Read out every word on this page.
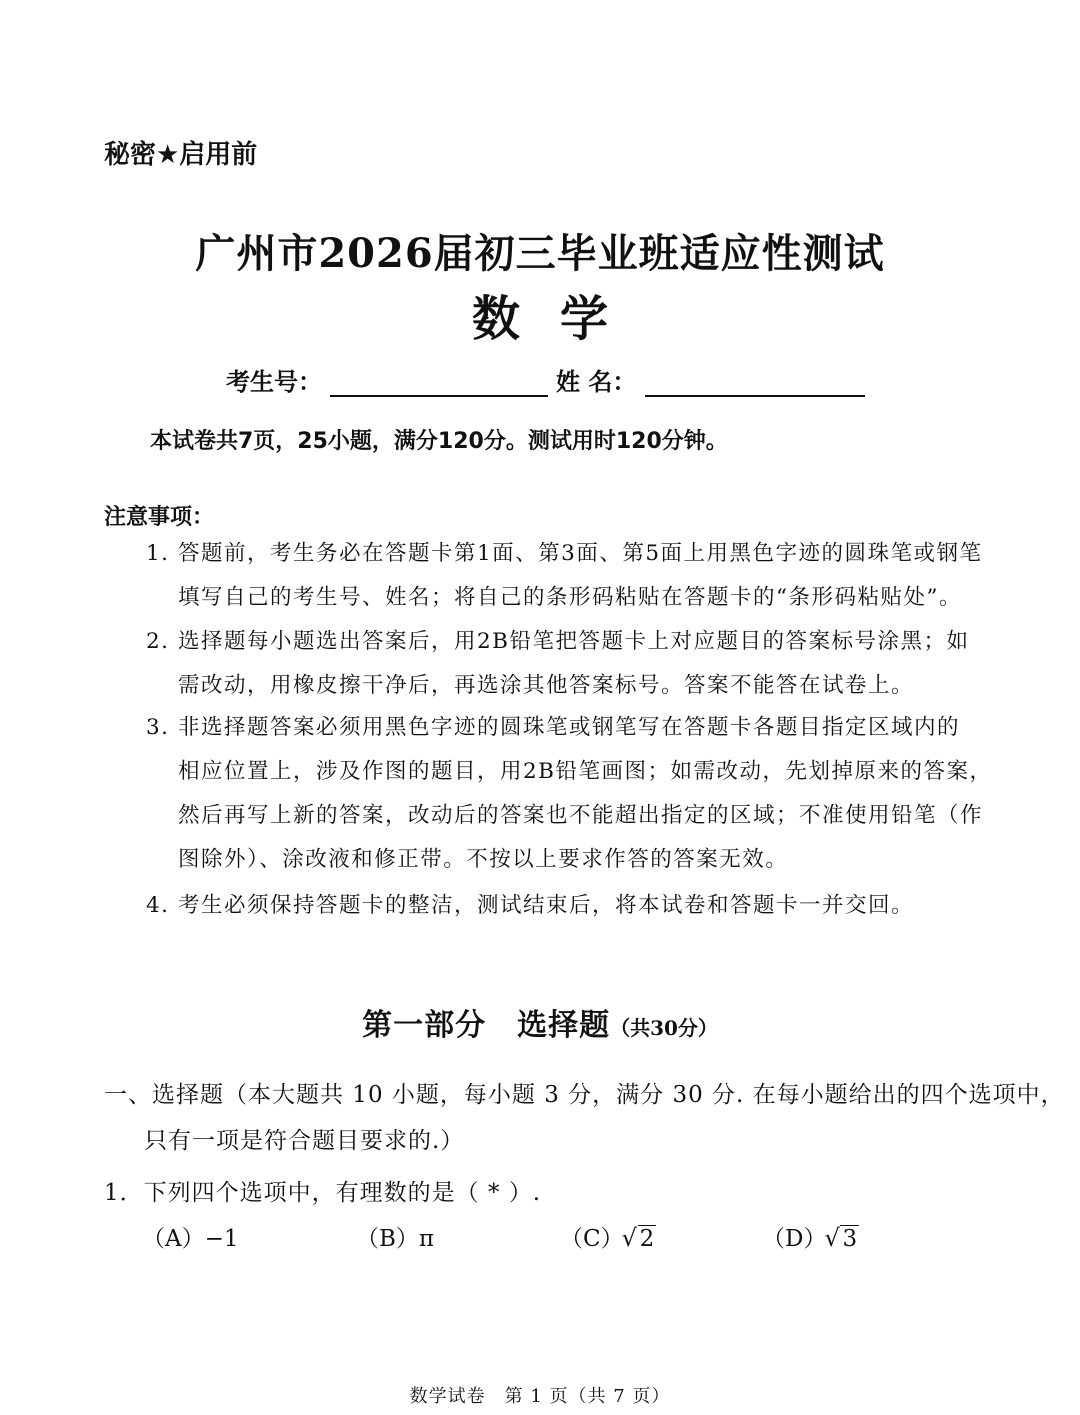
秘密★启用前
广州市2026届初三毕业班适应性测试
数学
考生号：	姓 名：
本试卷共7页，25小题，满分120分。测试用时120分钟。
注意事项：
1. 答题前，考生务必在答题卡第1面、第3面、第5面上用黑色字迹的圆珠笔或钢笔
填写自己的考生号、姓名；将自己的条形码粘贴在答题卡的“条形码粘贴处”。
2. 选择题每小题选出答案后，用2B铅笔把答题卡上对应题目的答案标号涂黑；如
需改动，用橡皮擦干净后，再选涂其他答案标号。答案不能答在试卷上。
3. 非选择题答案必须用黑色字迹的圆珠笔或钢笔写在答题卡各题目指定区域内的
相应位置上，涉及作图的题目，用2B铅笔画图；如需改动，先划掉原来的答案，
然后再写上新的答案，改动后的答案也不能超出指定的区域；不准使用铅笔（作
图除外）、涂改液和修正带。不按以上要求作答的答案无效。
4. 考生必须保持答题卡的整洁，测试结束后，将本试卷和答题卡一并交回。
第一部分　选择题（共30分）
一、选择题（本大题共 10 小题，每小题 3 分，满分 30 分. 在每小题给出的四个选项中，
只有一项是符合题目要求的.）
1．下列四个选项中，有理数的是（ * ）.
（A）−1	（B）π	（C） √ 2	（D） √ 3
数学试卷　第 1 页（共 7 页）
